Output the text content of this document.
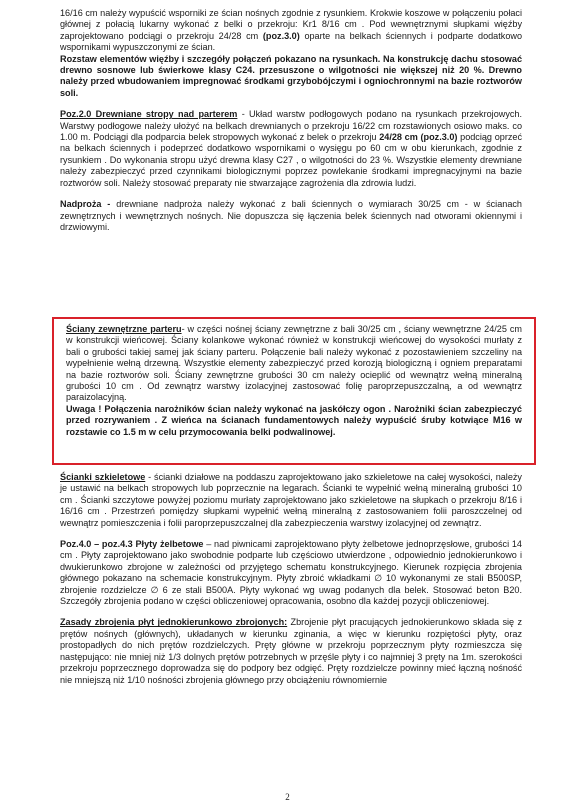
16/16 cm należy wypuścić wsporniki ze ścian nośnych zgodnie z rysunkiem. Krokwie koszowe w połączeniu połaci głównej z połacią lukarny wykonać z belki o przekroju: Kr1 8/16 cm . Pod wewnętrznymi słupkami więźby zaprojektowano podciągi o przekroju 24/28 cm (poz.3.0) oparte na belkach ściennych i podparte dodatkowo wspornikami wypuszczonymi ze ścian.

Rozstaw elementów więźby i szczegóły połączeń pokazano na rysunkach. Na konstrukcję dachu stosować drewno sosnowe lub świerkowe klasy C24. przesuszone o wilgotności nie większej niż 20 %. Drewno należy przed wbudowaniem impregnować środkami grzybobójczymi i ogniochronnymi na bazie roztworów soli.

Poz.2.0 Drewniane stropy nad parterem - Układ warstw podłogowych podano na rysunkach przekrojowych. Warstwy podłogowe należy ułożyć na belkach drewnianych o przekroju 16/22 cm rozstawionych osiowo maks. co 1.00 m. Podciągi dla podparcia belek stropowych wykonać z belek o przekroju 24/28 cm (poz.3.0) podciąg oprzeć na belkach ściennych i podeprzeć dodatkowo wspornikami o wysięgu po 60 cm w obu kierunkach, zgodnie z rysunkiem . Do wykonania stropu użyć drewna klasy C27 , o wilgotności do 23 %. Wszystkie elementy drewniane należy zabezpieczyć przed czynnikami biologicznymi poprzez powlekanie środkami impregnacyjnymi na bazie roztworów soli. Należy stosować preparaty nie stwarzające zagrożenia dla zdrowia ludzi.

Nadproża - drewniane nadproża należy wykonać z bali ściennych o wymiarach 30/25 cm - w ścianach zewnętrznych i wewnętrznych nośnych. Nie dopuszcza się łączenia belek ściennych nad otworami okiennymi i drzwiowymi.

Ściany zewnętrzne parteru- w części nośnej ściany zewnętrzne z bali 30/25 cm , ściany wewnętrzne 24/25 cm w konstrukcji wieńcowej. Ściany kolankowe wykonać również w konstrukcji wieńcowej do wysokości murłaty z bali o grubości takiej samej jak ściany parteru. Połączenie bali należy wykonać z pozostawieniem szczeliny na wypełnienie wełną drzewną. Wszystkie elementy zabezpieczyć przed korozją biologiczną i ogniem preparatami na bazie roztworów soli. Ściany zewnętrzne grubości 30 cm należy ocieplić od wewnątrz wełną mineralną grubości 10 cm . Od zewnątrz warstwy izolacyjnej zastosować folię paroprzepuszczalną, a od wewnątrz paraizolacyjną.

Uwaga ! Połączenia narożników ścian należy wykonać na jaskółczy ogon . Narożniki ścian zabezpieczyć przed rozrywaniem . Z wieńca na ścianach fundamentowych należy wypuścić śruby kotwiące M16 w rozstawie co 1.5 m w celu przymocowania belki podwalinowej.

Ścianki szkieletowe - ścianki działowe na poddaszu zaprojektowano jako szkieletowe na całej wysokości, należy je ustawić na belkach stropowych lub poprzecznie na legarach. Ścianki te wypełnić wełną mineralną grubości 10 cm . Ścianki szczytowe powyżej poziomu murłaty zaprojektowano jako szkieletowe na słupkach o przekroju 8/16 i 16/16 cm . Przestrzeń pomiędzy słupkami wypełnić wełną mineralną z zastosowaniem folii paroszczelnej od wewnątrz pomieszczenia i folii paroprzepuszczalnej dla zabezpieczenia warstwy izolacyjnej od zewnątrz.

Poz.4.0 – poz.4.3 Płyty żelbetowe – nad piwnicami zaprojektowano płyty żelbetowe jednoprzęsłowe, grubości 14 cm . Płyty zaprojektowano jako swobodnie podparte lub częściowo utwierdzone , odpowiednio jednokierunkowo i dwukierunkowo zbrojone w zależności od przyjętego schematu konstrukcyjnego. Kierunek rozpięcia zbrojenia głównego pokazano na schemacie konstrukcyjnym. Płyty zbroić wkładkami ∅ 10 wykonanymi ze stali B500SP, zbrojenie rozdzielcze ∅ 6 ze stali B500A. Płyty wykonać wg uwag podanych dla belek. Stosować beton B20. Szczegóły zbrojenia podano w części obliczeniowej opracowania, osobno dla każdej pozycji obliczeniowej.

Zasady zbrojenia płyt jednokierunkowo zbrojonych: Zbrojenie płyt pracujących jednokierunkowo składa się z prętów nośnych (głównych), układanych w kierunku zginania, a więc w kierunku rozpiętości płyty, oraz prostopadłych do nich prętów rozdzielczych. Pręty główne w przekroju poprzecznym płyty rozmieszcza się następująco: nie mniej niż 1/3 dolnych prętów potrzebnych w przęśle płyty i co najmniej 3 pręty na 1m. szerokości przekroju poprzecznego doprowadza się do podpory bez odgięć. Pręty rozdzielcze powinny mieć łączną nośność nie mniejszą niż 1/10 nośności zbrojenia głównego przy obciążeniu równomiernie

2
